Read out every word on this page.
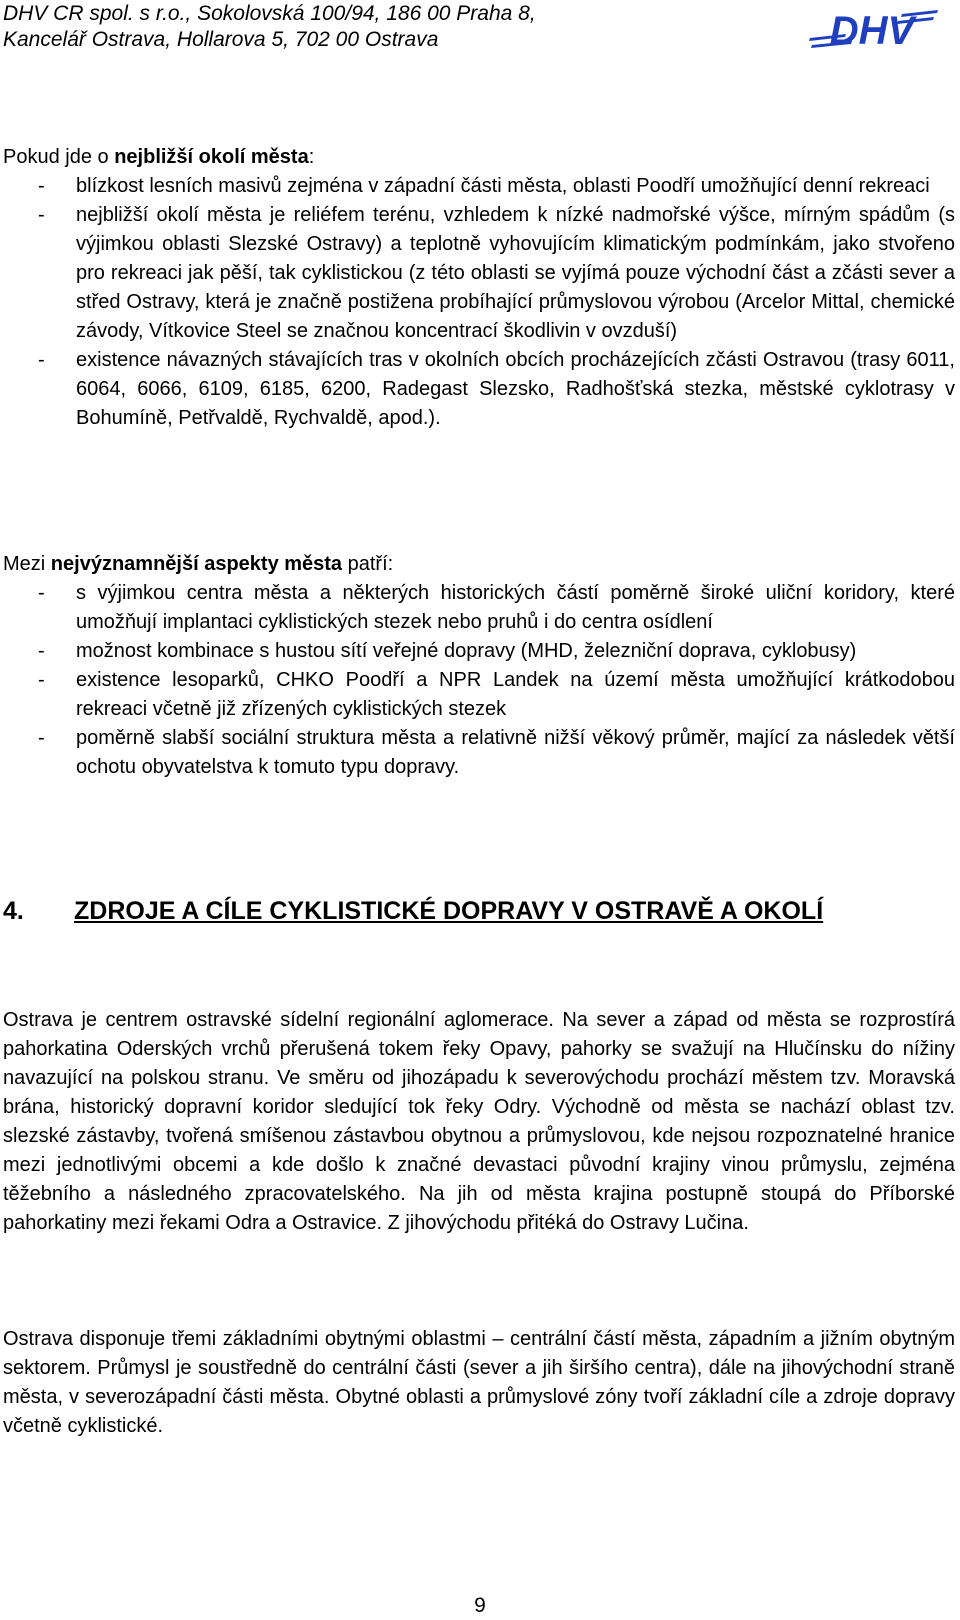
DHV CR spol. s r.o., Sokolovská 100/94, 186 00 Praha 8,
Kancelář Ostrava, Hollarova 5, 702 00 Ostrava	DHV
Pokud jde o nejbližší okolí města:
- blízkost lesních masivů zejména v západní části města, oblasti Poodří umožňující denní rekreaci
- nejbližší okolí města je reliéfem terénu, vzhledem k nízké nadmořské výšce, mírným spádům (s výjimkou oblasti Slezské Ostravy) a teplotně vyhovujícím klimatickým podmínkám, jako stvořeno pro rekreaci jak pěší, tak cyklistickou (z této oblasti se vyjímá pouze východní část a zčásti sever a střed Ostravy, která je značně postižena probíhající průmyslovou výrobou (Arcelor Mittal, chemické závody, Vítkovice Steel se značnou koncentrací škodlivin v ovzduší)
- existence návazných stávajících tras v okolních obcích procházejících zčásti Ostravou (trasy 6011, 6064, 6066, 6109, 6185, 6200, Radegast Slezsko, Radhošťská stezka, městské cyklotrasy v Bohumíně, Petřvaldě, Rychvaldě, apod.).
Mezi nejvýznamnější aspekty města patří:
- s výjimkou centra města a některých historických částí poměrně široké uliční koridory, které umožňují implantaci cyklistických stezek nebo pruhů i do centra osídlení
- možnost kombinace s hustou sítí veřejné dopravy (MHD, železniční doprava, cyklobusy)
- existence lesoparků, CHKO Poodří a NPR Landek na území města umožňující krátkodobou rekreaci včetně již zřízených cyklistických stezek
- poměrně slabší sociální struktura města a relativně nižší věkový průměr, mající za následek větší ochotu obyvatelstva k tomuto typu dopravy.
4. ZDROJE A CÍLE CYKLISTICKÉ DOPRAVY V OSTRAVĚ A OKOLÍ
Ostrava je centrem ostravské sídelní regionální aglomerace. Na sever a západ od města se rozprostírá pahorkatina Oderských vrchů přerušená tokem řeky Opavy, pahorky se svažují na Hlučínsku do nížiny navazující na polskou stranu. Ve směru od jihozápadu k severovýchodu prochází městem tzv. Moravská brána, historický dopravní koridor sledující tok řeky Odry. Východně od města se nachází oblast tzv. slezské zástavby, tvořená smíšenou zástavbou obytnou a průmyslovou, kde nejsou rozpoznatelné hranice mezi jednotlivými obcemi a kde došlo k značné devastaci původní krajiny vinou průmyslu, zejména těžebního a následného zpracovatelského. Na jih od města krajina postupně stoupá do Příborské pahorkatiny mezi řekami Odra a Ostravice. Z jihovýchodu přitéká do Ostravy Lučina.
Ostrava disponuje třemi základními obytnými oblastmi – centrální částí města, západním a jižním obytným sektorem. Průmysl je soustředně do centrální části (sever a jih širšího centra), dále na jihovýchodní straně města, v severozápadní části města. Obytné oblasti a průmyslové zóny tvoří základní cíle a zdroje dopravy včetně cyklistické.
9
